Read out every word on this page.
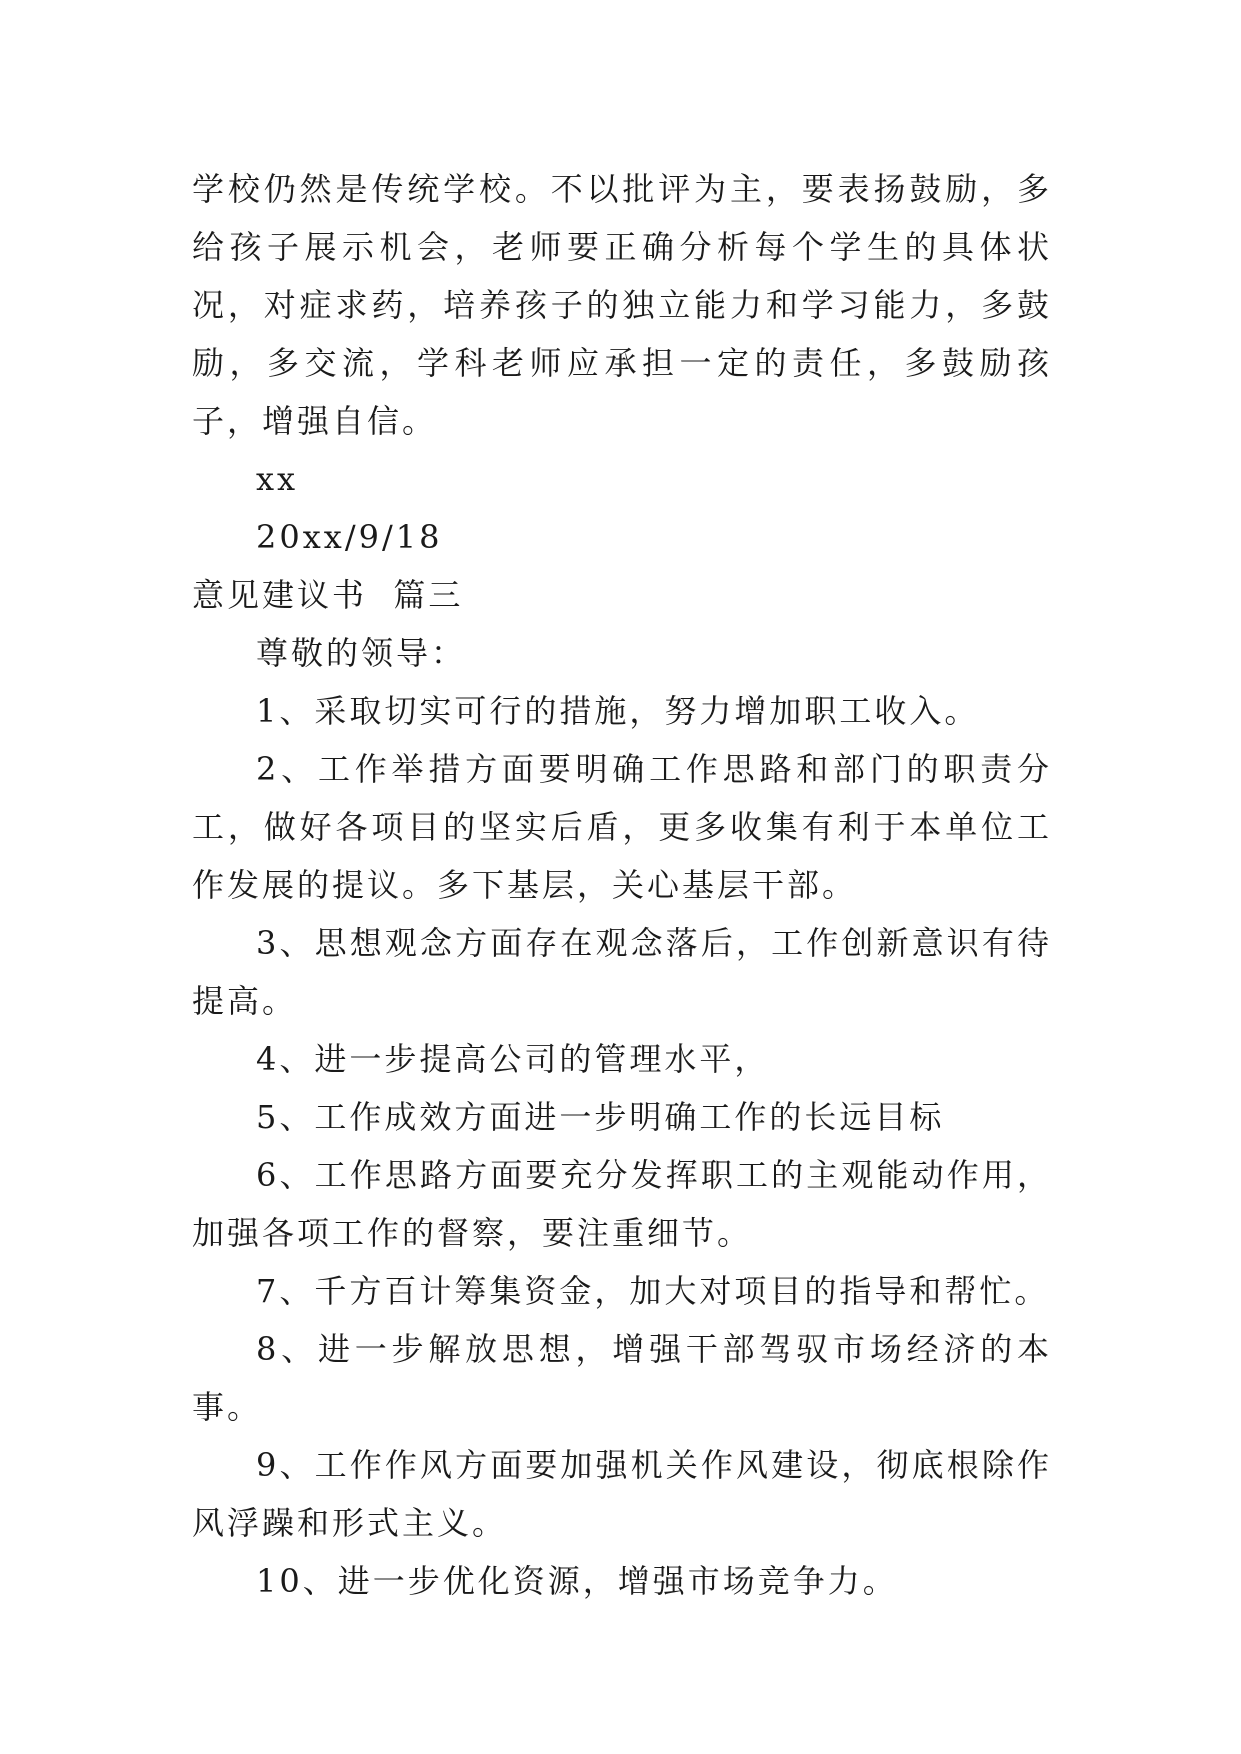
学校仍然是传统学校。不以批评为主，要表扬鼓励，多给孩子展示机会，老师要正确分析每个学生的具体状况，对症求药，培养孩子的独立能力和学习能力，多鼓励，多交流，学科老师应承担一定的责任，多鼓励孩子，增强自信。

xx

20xx/9/18

意见建议书  篇三

尊敬的领导：

1、采取切实可行的措施，努力增加职工收入。

2、工作举措方面要明确工作思路和部门的职责分工，做好各项目的坚实后盾，更多收集有利于本单位工作发展的提议。多下基层，关心基层干部。

3、思想观念方面存在观念落后，工作创新意识有待提高。

4、进一步提高公司的管理水平，

5、工作成效方面进一步明确工作的长远目标

6、工作思路方面要充分发挥职工的主观能动作用，加强各项工作的督察，要注重细节。

7、千方百计筹集资金，加大对项目的指导和帮忙。

8、进一步解放思想，增强干部驾驭市场经济的本事。

9、工作作风方面要加强机关作风建设，彻底根除作风浮躁和形式主义。

10、进一步优化资源，增强市场竞争力。
